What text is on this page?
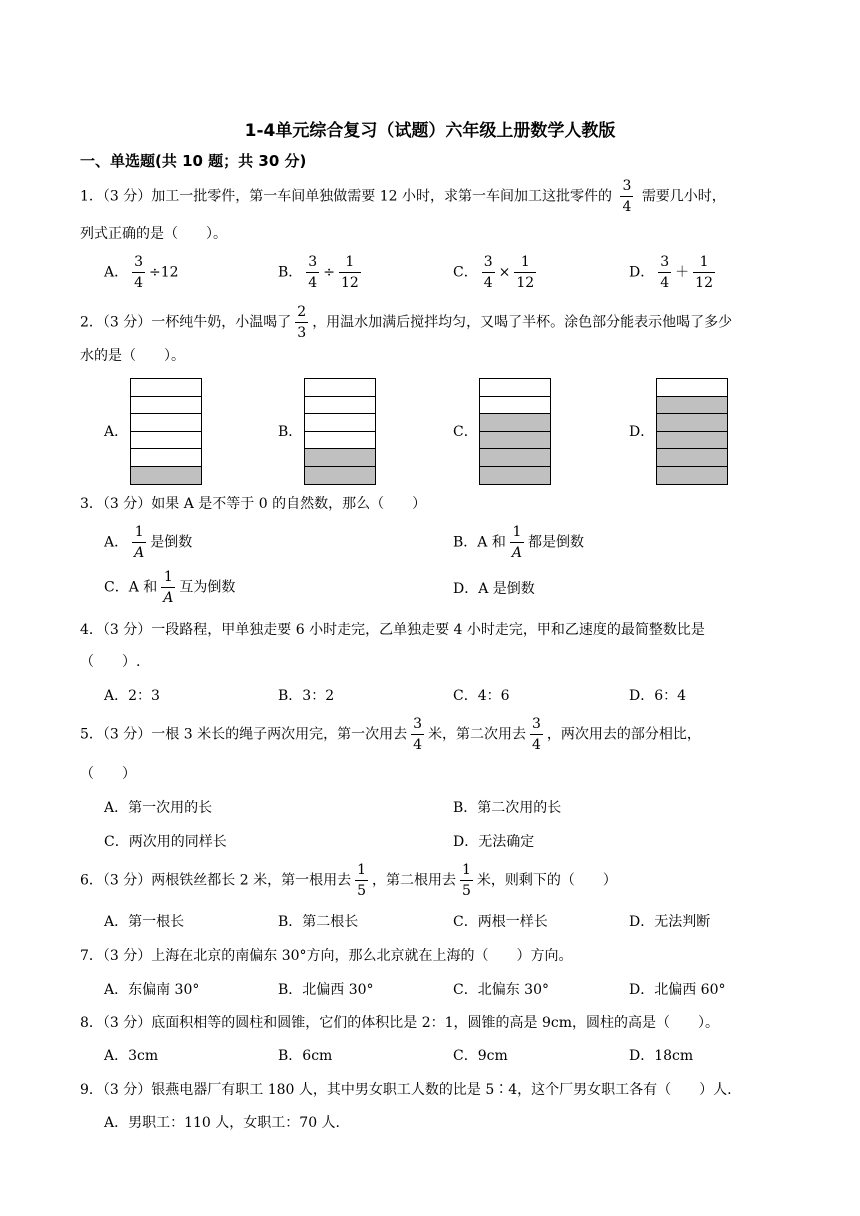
1-4单元综合复习（试题）六年级上册数学人教版
一、单选题(共 10 题；共 30 分)
1．（3 分）加工一批零件，第一车间单独做需要 12 小时，求第一车间加工这批零件的 $\frac{3}{4}$ 需要几小时，
列式正确的是（　　）。
A． $\frac{3}{4} \div 12$	B． $\frac{3}{4} \div \frac{1}{12}$	C． $\frac{3}{4} \times \frac{1}{12}$	D． $\frac{3}{4} + \frac{1}{12}$
2．（3 分）一杯纯牛奶，小温喝了 $\frac{2}{3}$ ，用温水加满后搅拌均匀，又喝了半杯。涂色部分能表示他喝了多少
水的是（　　）。
A．	B．	C．	D．
3．（3 分）如果 A 是不等于 0 的自然数，那么（　　）
A． $\frac{1}{A}$ 是倒数	B．A 和 $\frac{1}{A}$ 都是倒数
C．A 和 $\frac{1}{A}$ 互为倒数	D．A 是倒数
4．（3 分）一段路程，甲单独走要 6 小时走完，乙单独走要 4 小时走完，甲和乙速度的最简整数比是
（　　）.
A．2：3	B．3：2	C．4：6	D．6：4
5．（3 分）一根 3 米长的绳子两次用完，第一次用去 $\frac{3}{4}$ 米，第二次用去 $\frac{3}{4}$ ，两次用去的部分相比，
（　　）
A．第一次用的长	B．第二次用的长
C．两次用的同样长	D．无法确定
6．（3 分）两根铁丝都长 2 米，第一根用去 $\frac{1}{5}$ ，第二根用去 $\frac{1}{5}$ 米，则剩下的（　　）
A．第一根长	B．第二根长	C．两根一样长	D．无法判断
7．（3 分）上海在北京的南偏东 30°方向，那么北京就在上海的（　　）方向。
A．东偏南 30°	B．北偏西 30°	C．北偏东 30°	D．北偏西 60°
8．（3 分）底面积相等的圆柱和圆锥，它们的体积比是 2：1，圆锥的高是 9cm，圆柱的高是（　　）。
A．3cm	B．6cm	C．9cm	D．18cm
9．（3 分）银燕电器厂有职工 180 人，其中男女职工人数的比是 5∶4，这个厂男女职工各有（　　）人.
A．男职工：110 人，女职工：70 人.
